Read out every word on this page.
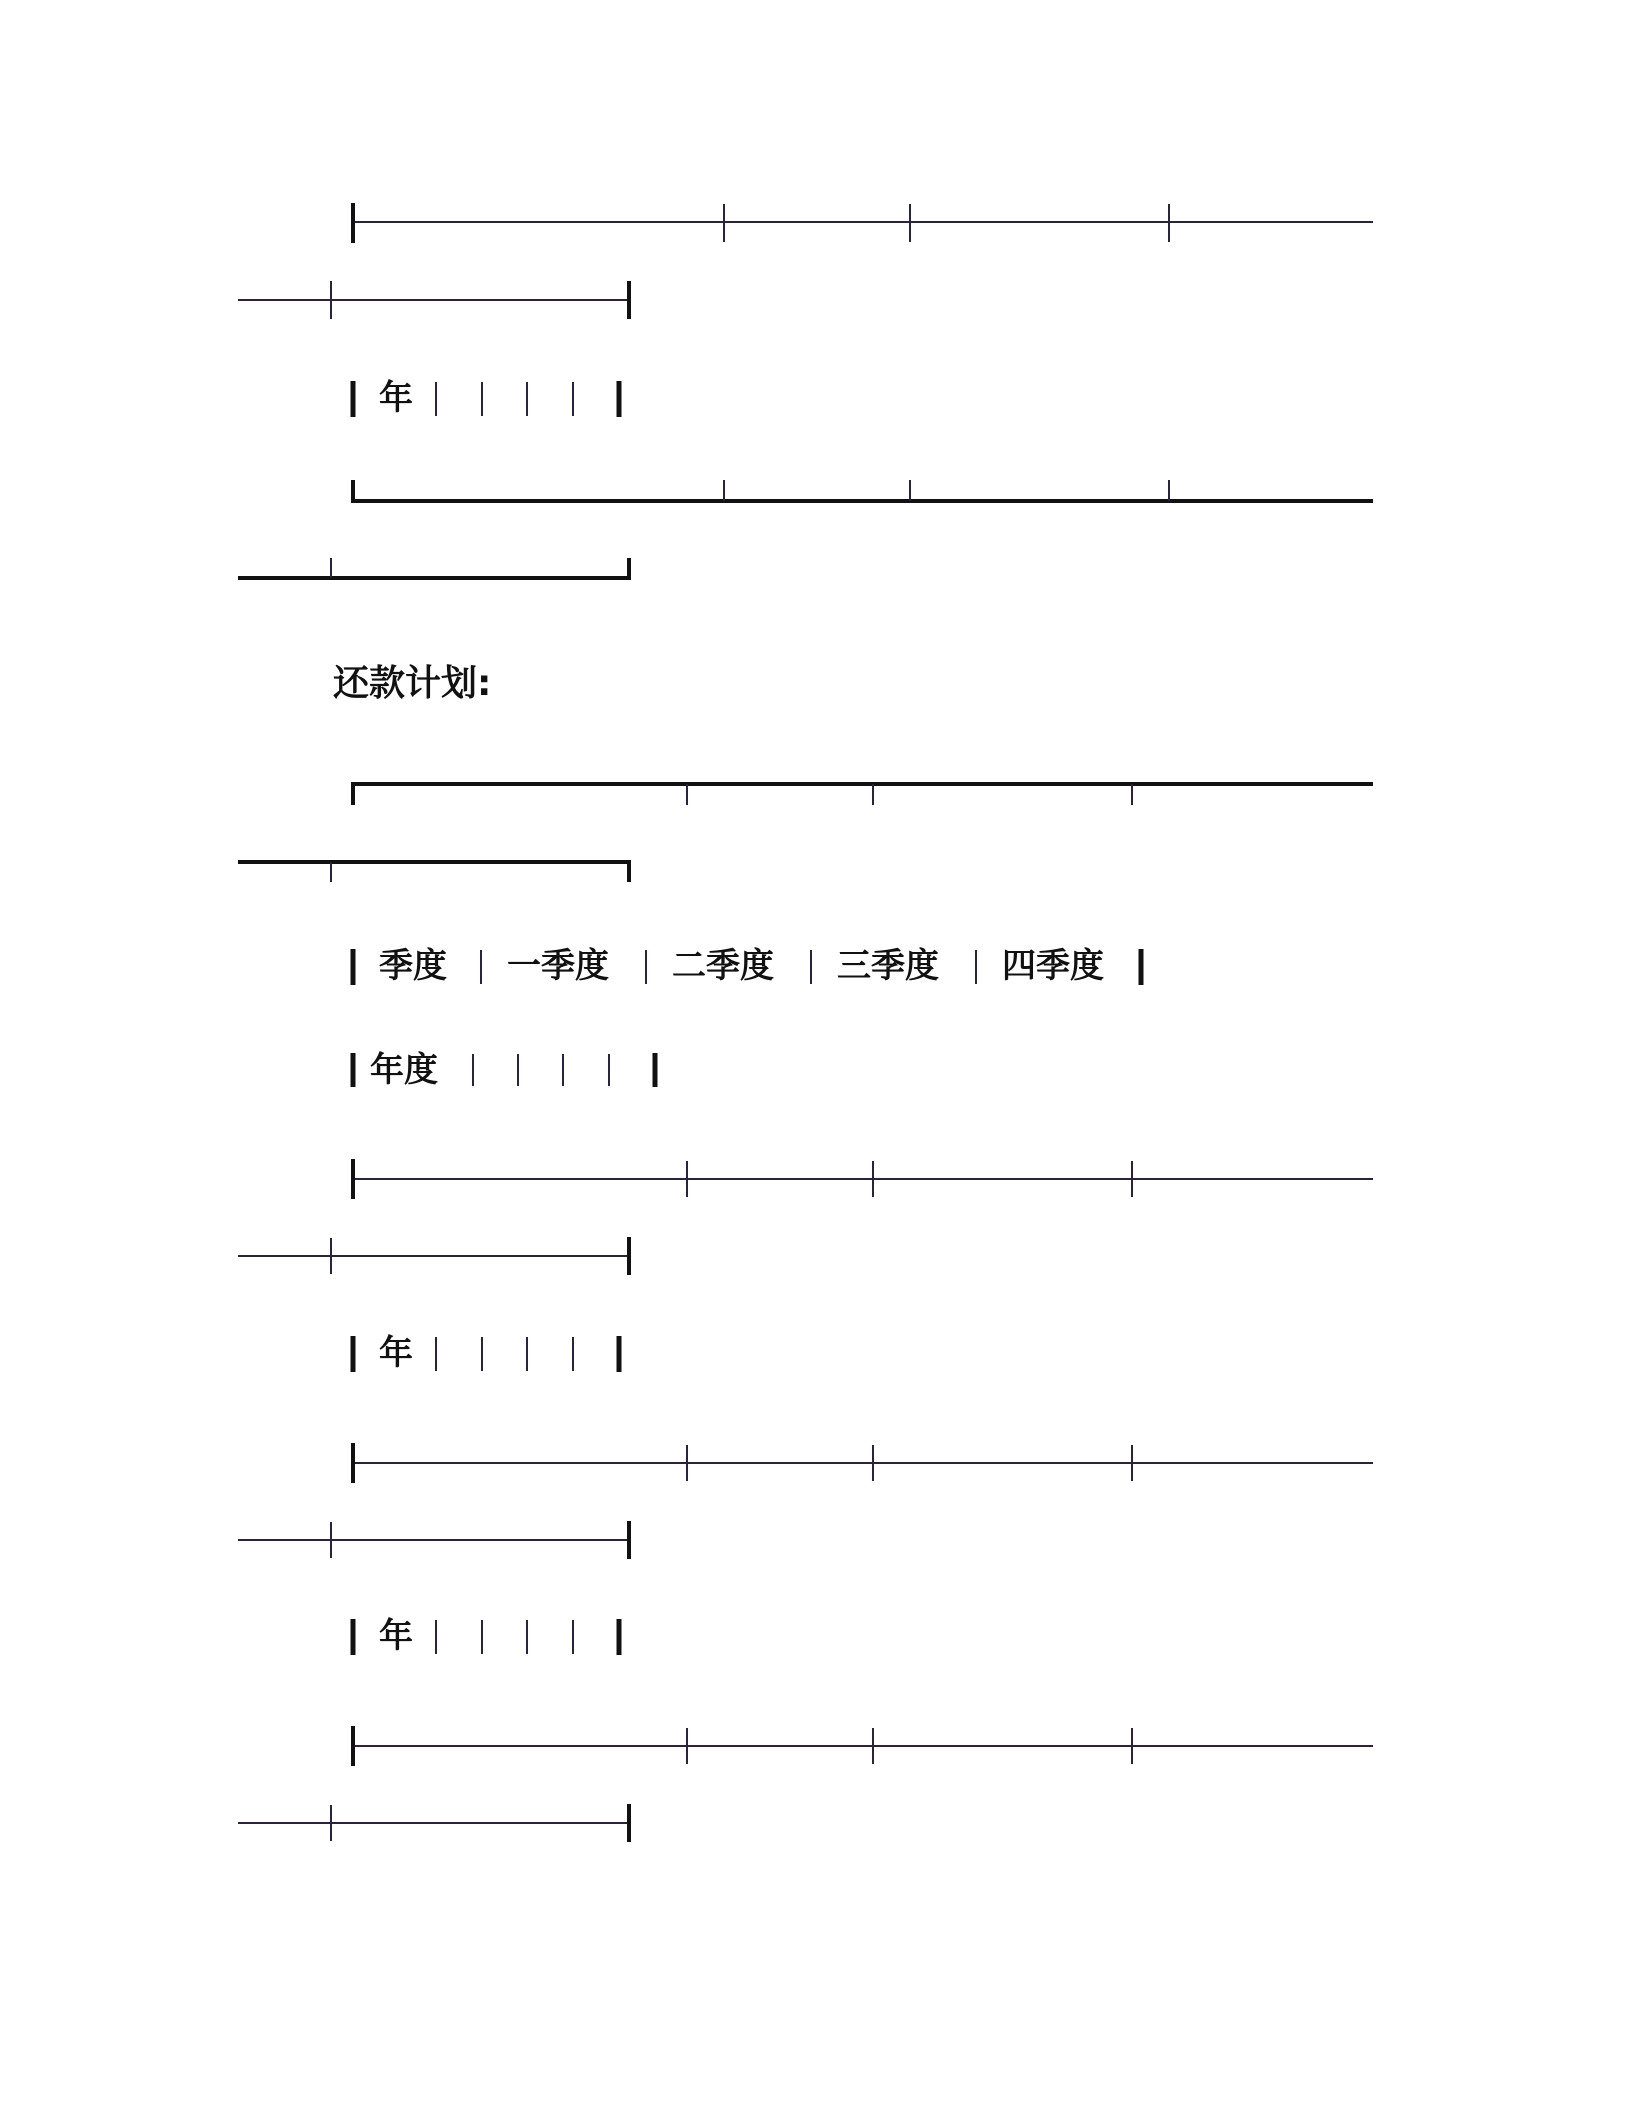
年
还款计划:
季度 一季度 二季度 三季度 四季度
年度
年
年
